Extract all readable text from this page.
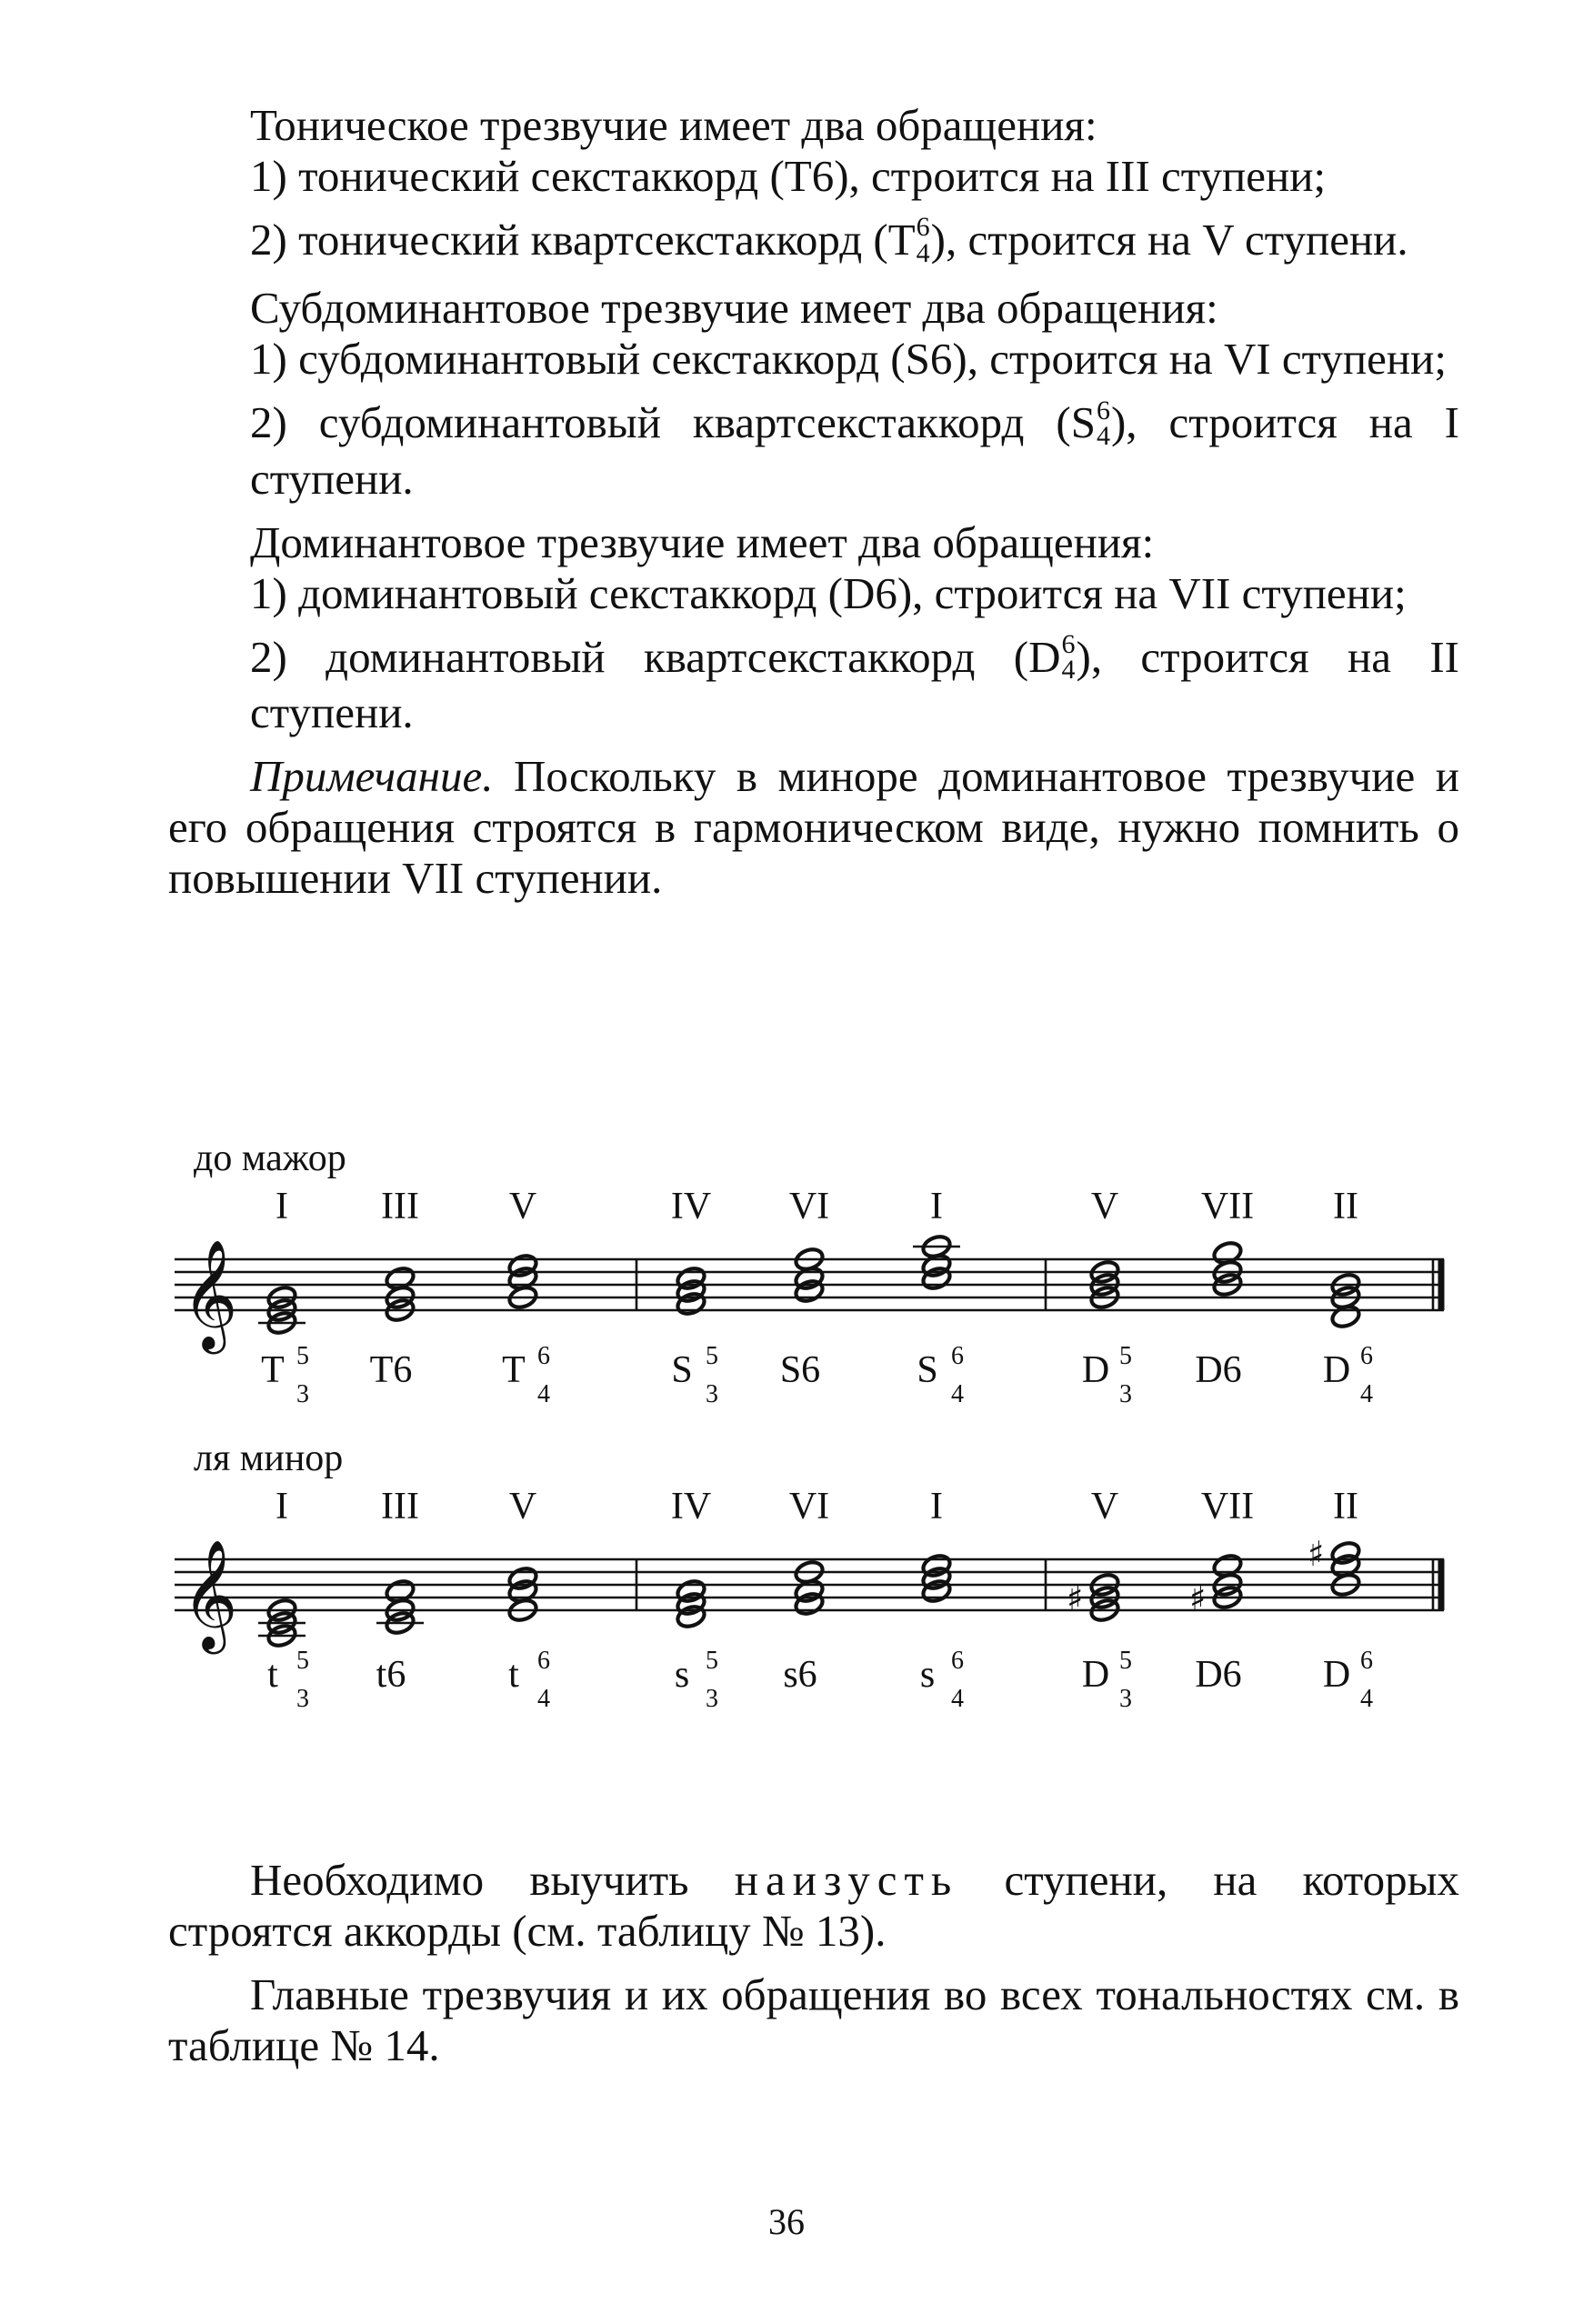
Тоническое трезвучие имеет два обращения:

1) тонический секстаккорд (T6), строится на III ступени;

2) тонический квартсекстаккорд (T 6
4 ), строится на V ступени.

Субдоминантовое трезвучие имеет два обращения:

1) субдоминантовый секстаккорд (S6), строится на VI ступени;

2) субдоминантовый квартсекстаккорд (S 6
4 ), строится на I ступени.

Доминантовое трезвучие имеет два обращения:

1) доминантовый секстаккорд (D6), строится на VII ступени;

2) доминантовый квартсекстаккорд (D 6
4 ), строится на II ступени.

Примечание. Поскольку в миноре доминантовое трезвучие и его обращения строятся в гармоническом виде, нужно помнить о повышении VII ступении.

до мажор
ля минор
𝄞
I
T 5
3
III
T6
V
T 6
4
IV
S 5
3
VI
S6
I
S 6
4
V
D 5
3
VII
D6
II
D 6
4
𝄞
I
t 5
3
III
t6
V
t 6
4
IV
s 5
3
VI
s6
I
s 6
4
♯
V
D 5
3
♯
VII
D6
♯
II
D 6
4

Необходимо выучить наизусть ступени, на которых строятся аккорды (см. таблицу № 13).

Главные трезвучия и их обращения во всех тональностях см. в таблице № 14.

36
